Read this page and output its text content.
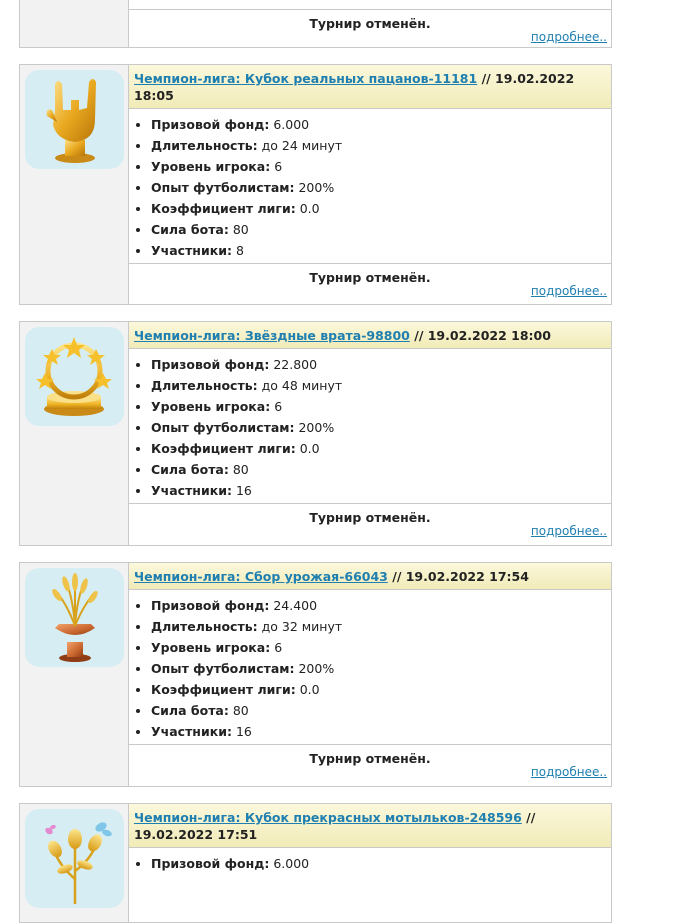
Турнир отменён.
подробнее..
Чемпион-лига: Кубок реальных пацанов-11181 // 19.02.2022 18:05
• Призовой фонд: 6.000
• Длительность: до 24 минут
• Уровень игрока: 6
• Опыт футболистам: 200%
• Коэффициент лиги: 0.0
• Сила бота: 80
• Участники: 8
Турнир отменён.
подробнее..
Чемпион-лига: Звёздные врата-98800 // 19.02.2022 18:00
• Призовой фонд: 22.800
• Длительность: до 48 минут
• Уровень игрока: 6
• Опыт футболистам: 200%
• Коэффициент лиги: 0.0
• Сила бота: 80
• Участники: 16
Турнир отменён.
подробнее..
Чемпион-лига: Сбор урожая-66043 // 19.02.2022 17:54
• Призовой фонд: 24.400
• Длительность: до 32 минут
• Уровень игрока: 6
• Опыт футболистам: 200%
• Коэффициент лиги: 0.0
• Сила бота: 80
• Участники: 16
Турнир отменён.
подробнее..
Чемпион-лига: Кубок прекрасных мотыльков-248596 // 19.02.2022 17:51
• Призовой фонд: 6.000
